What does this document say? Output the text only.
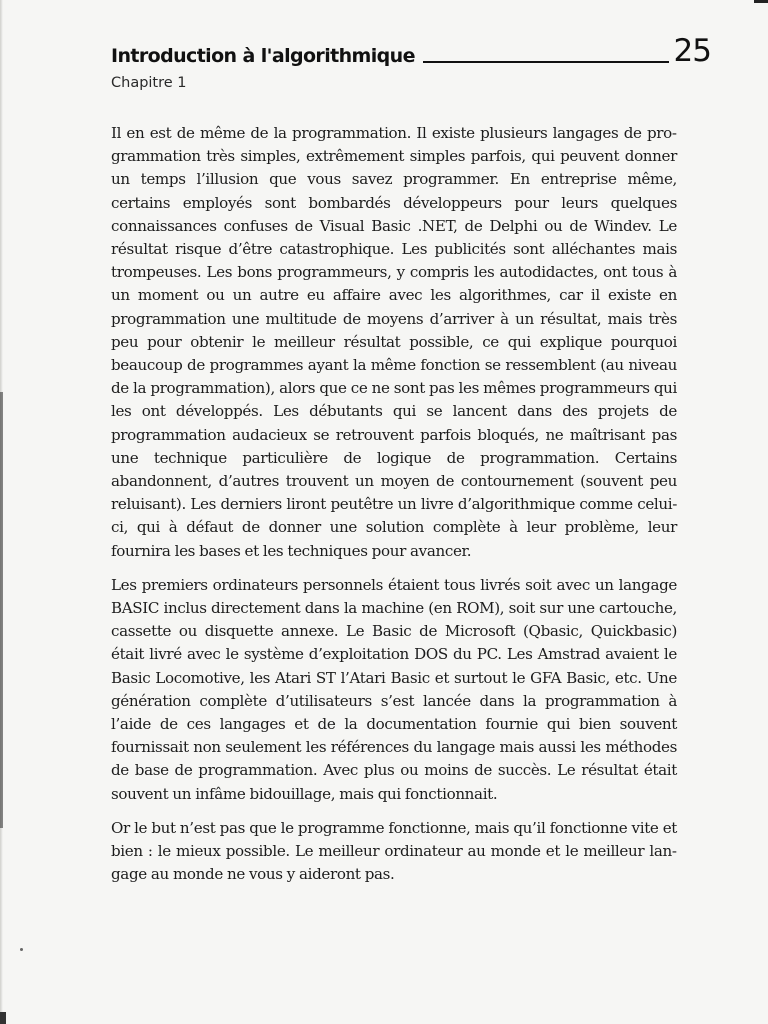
Introduction à l'algorithmique	25
Chapitre 1

Il en est de même de la programmation. Il existe plusieurs langages de programmation très simples, extrêmement simples parfois, qui peuvent donner un temps l’illusion que vous savez programmer. En entreprise même, certains employés sont bombardés développeurs pour leurs quelques connaissances confuses de Visual Basic .NET, de Delphi ou de Windev. Le résultat risque d’être catastrophique. Les publicités sont alléchantes mais trompeuses. Les bons programmeurs, y compris les autodidactes, ont tous à un moment ou un autre eu affaire avec les algorithmes, car il existe en programmation une multitude de moyens d’arriver à un résultat, mais très peu pour obtenir le meilleur résultat possible, ce qui explique pourquoi beaucoup de programmes ayant la même fonction se ressemblent (au niveau de la programmation), alors que ce ne sont pas les mêmes programmeurs qui les ont développés. Les débutants qui se lancent dans des projets de programmation audacieux se retrouvent parfois bloqués, ne maîtrisant pas une technique particulière de logique de programmation. Certains abandonnent, d’autres trouvent un moyen de contournement (souvent peu reluisant). Les derniers liront peutêtre un livre d’algorithmique comme celui-ci, qui à défaut de donner une solution complète à leur problème, leur fournira les bases et les techniques pour avancer.

Les premiers ordinateurs personnels étaient tous livrés soit avec un langage BASIC inclus directement dans la machine (en ROM), soit sur une cartouche, cassette ou disquette annexe. Le Basic de Microsoft (Qbasic, Quickbasic) était livré avec le système d’exploitation DOS du PC. Les Amstrad avaient le Basic Locomotive, les Atari ST l’Atari Basic et surtout le GFA Basic, etc. Une génération complète d’utilisateurs s’est lancée dans la programmation à l’aide de ces langages et de la documentation fournie qui bien souvent fournissait non seulement les références du langage mais aussi les méthodes de base de programmation. Avec plus ou moins de succès. Le résultat était souvent un infâme bidouillage, mais qui fonctionnait.

Or le but n’est pas que le programme fonctionne, mais qu’il fonctionne vite et bien : le mieux possible. Le meilleur ordinateur au monde et le meilleur langage au monde ne vous y aideront pas.
